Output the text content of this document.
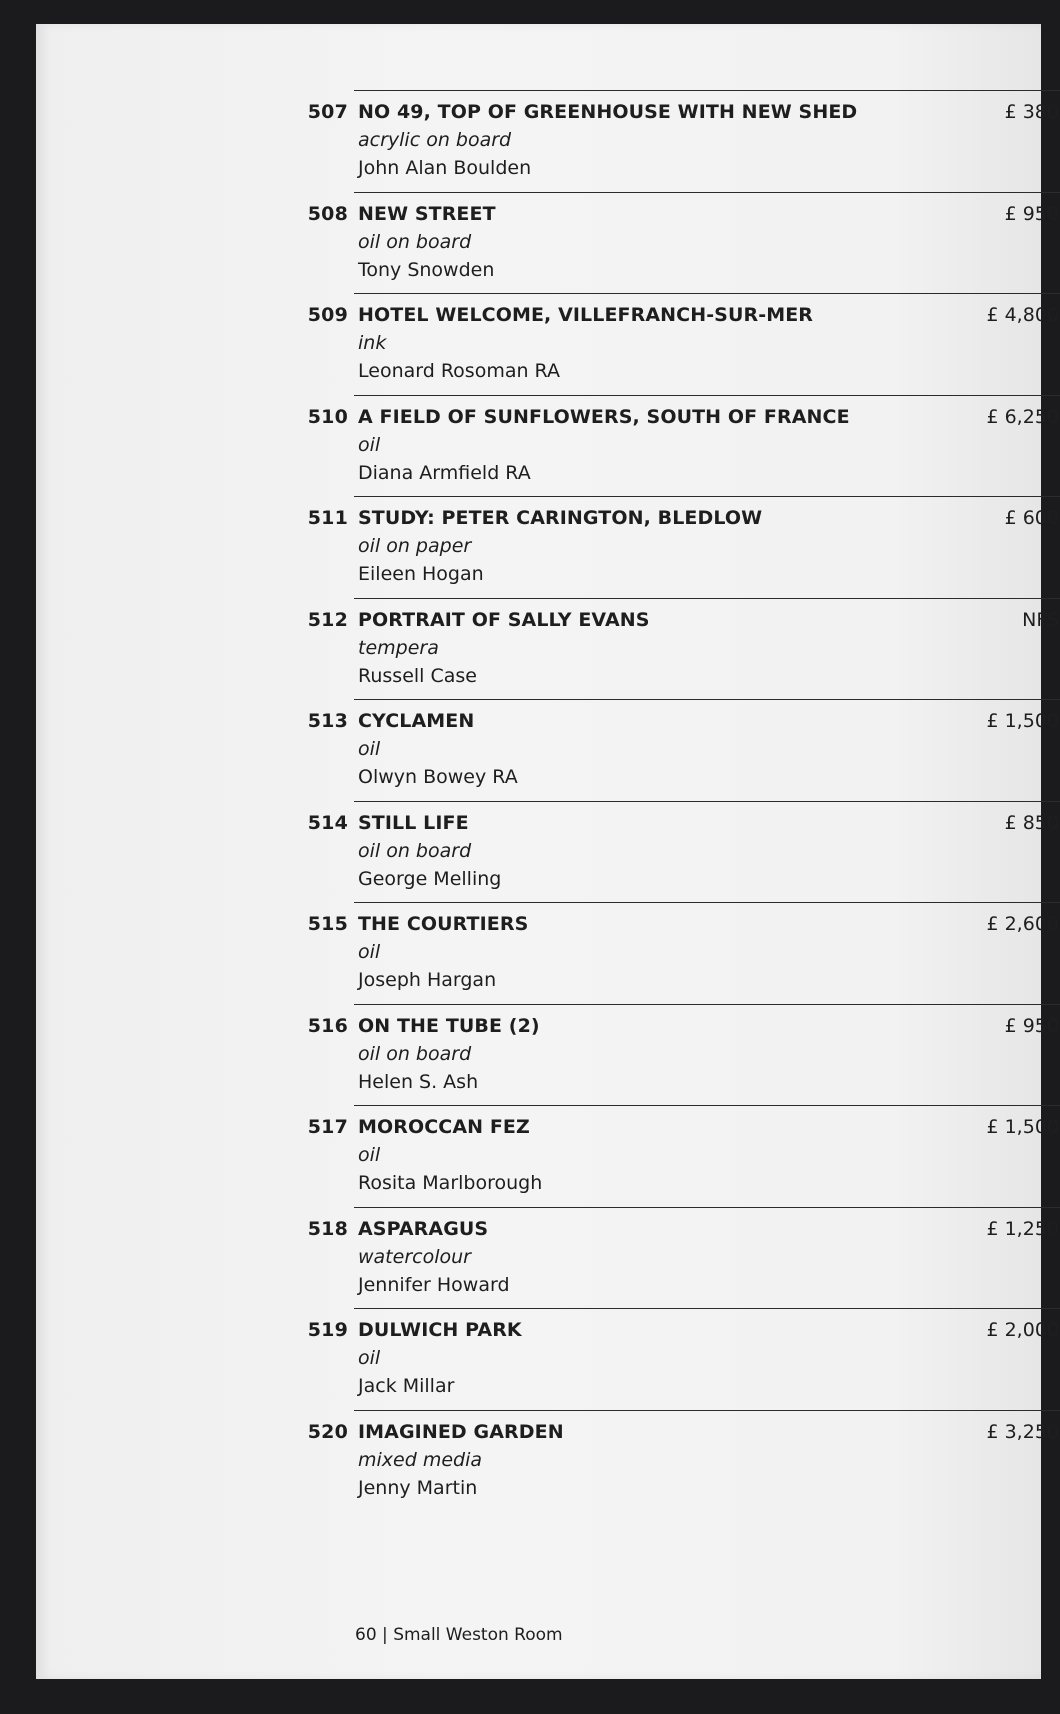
507 NO 49, TOP OF GREENHOUSE WITH NEW SHED
acrylic on board
John Alan Boulden
£ 380
508 NEW STREET
oil on board
Tony Snowden
£ 950
509 HOTEL WELCOME, VILLEFRANCH-SUR-MER
ink
Leonard Rosoman RA
£ 4,800
510 A FIELD OF SUNFLOWERS, SOUTH OF FRANCE
oil
Diana Armfield RA
£ 6,250
511 STUDY: PETER CARINGTON, BLEDLOW
oil on paper
Eileen Hogan
£ 600
512 PORTRAIT OF SALLY EVANS
tempera
Russell Case
NFS
513 CYCLAMEN
oil
Olwyn Bowey RA
£ 1,500
514 STILL LIFE
oil on board
George Melling
£ 850
515 THE COURTIERS
oil
Joseph Hargan
£ 2,600
516 ON THE TUBE (2)
oil on board
Helen S. Ash
£ 950
517 MOROCCAN FEZ
oil
Rosita Marlborough
£ 1,500
518 ASPARAGUS
watercolour
Jennifer Howard
£ 1,250
519 DULWICH PARK
oil
Jack Millar
£ 2,000
520 IMAGINED GARDEN
mixed media
Jenny Martin
£ 3,250
60 | Small Weston Room
